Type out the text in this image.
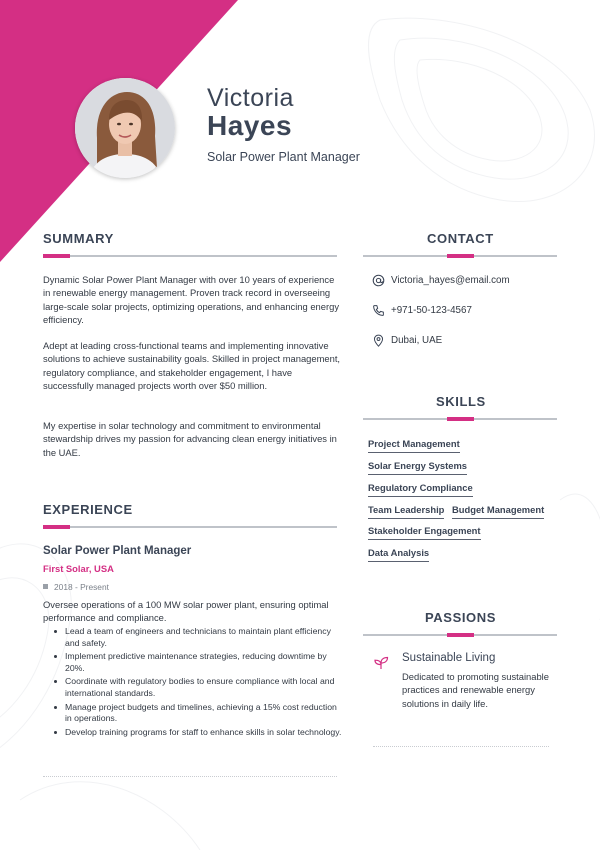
Victoria
Hayes
Solar Power Plant Manager
SUMMARY
Dynamic Solar Power Plant Manager with over 10 years of experience in renewable energy management. Proven track record in overseeing large-scale solar projects, optimizing operations, and enhancing energy efficiency.
Adept at leading cross-functional teams and implementing innovative solutions to achieve sustainability goals. Skilled in project management, regulatory compliance, and stakeholder engagement, I have successfully managed projects worth over $50 million.
My expertise in solar technology and commitment to environmental stewardship drives my passion for advancing clean energy initiatives in the UAE.
EXPERIENCE
Solar Power Plant Manager
First Solar, USA
2018 - Present
Oversee operations of a 100 MW solar power plant, ensuring optimal performance and compliance.
Lead a team of engineers and technicians to maintain plant efficiency and safety.
Implement predictive maintenance strategies, reducing downtime by 20%.
Coordinate with regulatory bodies to ensure compliance with local and international standards.
Manage project budgets and timelines, achieving a 15% cost reduction in operations.
Develop training programs for staff to enhance skills in solar technology.
CONTACT
Victoria_hayes@email.com
+971-50-123-4567
Dubai, UAE
SKILLS
Project Management
Solar Energy Systems
Regulatory Compliance
Team Leadership Budget Management
Stakeholder Engagement
Data Analysis
PASSIONS
Sustainable Living
Dedicated to promoting sustainable practices and renewable energy solutions in daily life.
